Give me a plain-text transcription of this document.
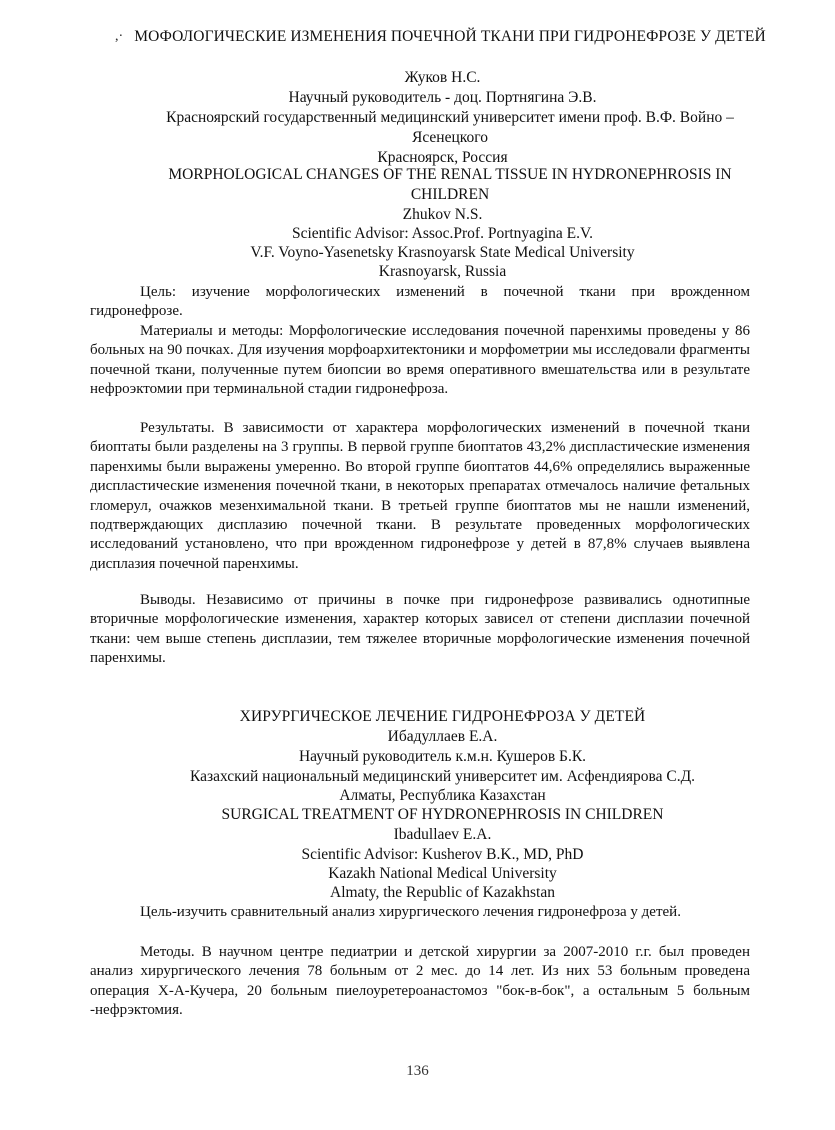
,· МОФОЛОГИЧЕСКИЕ ИЗМЕНЕНИЯ ПОЧЕЧНОЙ ТКАНИ ПРИ ГИДРОНЕФРОЗЕ У ДЕТЕЙ
Жуков Н.С.
Научный руководитель - доц. Портнягина Э.В.
Красноярский государственный медицинский университет имени проф. В.Ф. Войно – Ясенецкого
Красноярск, Россия
MORPHOLOGICAL CHANGES OF THE RENAL TISSUE IN HYDRONEPHROSIS IN CHILDREN
Zhukov N.S.
Scientific Advisor: Assoc.Prof. Portnyagina E.V.
V.F. Voyno-Yasenetsky Krasnoyarsk State Medical University
Krasnoyarsk, Russia
Цель: изучение морфологических изменений в почечной ткани при врожденном гидронефрозе.
Материалы и методы: Морфологические исследования почечной паренхимы проведены у 86 больных на 90 почках. Для изучения морфоархитектоники и морфометрии мы исследовали фрагменты почечной ткани, полученные путем биопсии во время оперативного вмешательства или в результате нефроэктомии при терминальной стадии гидронефроза.
Результаты. В зависимости от характера морфологических изменений в почечной ткани биоптаты были разделены на 3 группы. В первой группе биоптатов 43,2% диспластические изменения паренхимы были выражены умеренно. Во второй группе биоптатов 44,6% определялись выраженные диспластические изменения почечной ткани, в некоторых препаратах отмечалось наличие фетальных гломерул, очажков мезенхимальной ткани. В третьей группе биоптатов мы не нашли изменений, подтверждающих дисплазию почечной ткани. В результате проведенных морфологических исследований установлено, что при врожденном гидронефрозе у детей в 87,8% случаев выявлена дисплазия почечной паренхимы.
Выводы. Независимо от причины в почке при гидронефрозе развивались однотипные вторичные морфологические изменения, характер которых зависел от степени дисплазии почечной ткани: чем выше степень дисплазии, тем тяжелее вторичные морфологические изменения почечной паренхимы.
ХИРУРГИЧЕСКОЕ ЛЕЧЕНИЕ ГИДРОНЕФРОЗА У ДЕТЕЙ
Ибадуллаев Е.А.
Научный руководитель к.м.н. Кушеров Б.К.
Казахский национальный медицинский университет им. Асфендиярова С.Д.
Алматы, Республика Казахстан
SURGICAL TREATMENT OF HYDRONEPHROSIS IN CHILDREN
Ibadullaev E.A.
Scientific Advisor: Kusherov B.K., MD, PhD
Kazakh National Medical University
Almaty, the Republic of Kazakhstan
Цель-изучить сравнительный анализ хирургического лечения гидронефроза у детей.
Методы. В научном центре педиатрии и детской хирургии за 2007-2010 г.г. был проведен анализ хирургического лечения 78 больным от 2 мес. до 14 лет. Из них 53 больным проведена операция Х-А-Кучера, 20 больным пиелоуретероанастомоз "бок-в-бок", а остальным 5 больным -нефрэктомия.
136
